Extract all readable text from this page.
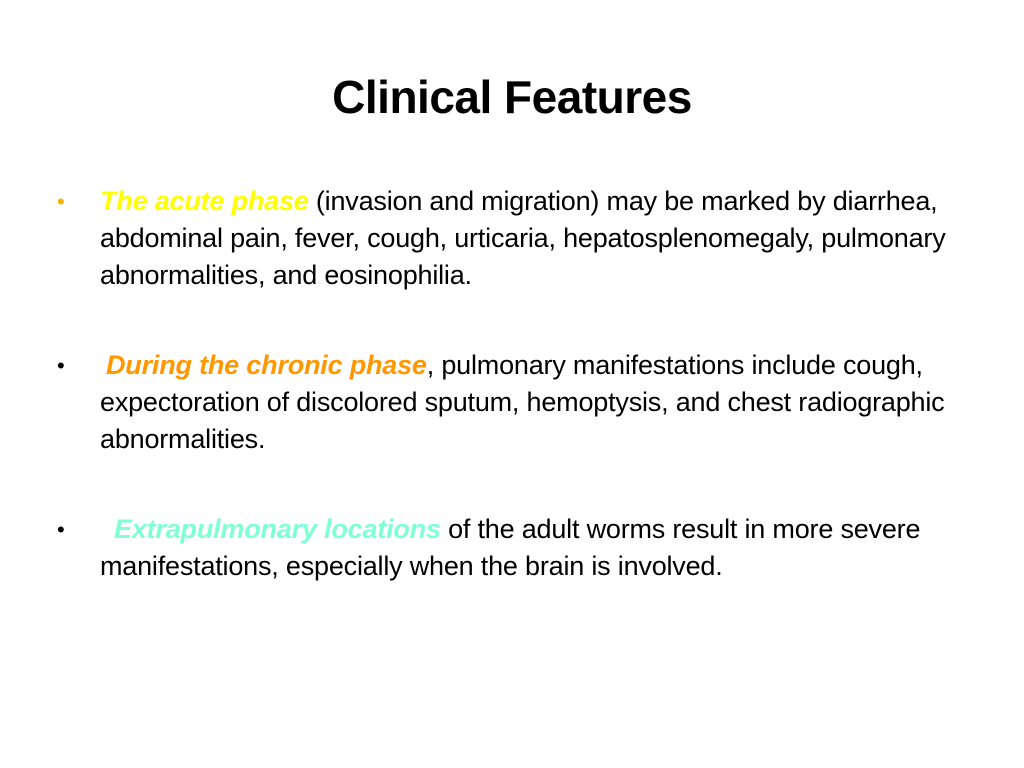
Clinical Features
•	The acute phase (invasion and migration) may be marked by diarrhea, abdominal pain, fever, cough, urticaria, hepatosplenomegaly, pulmonary abnormalities, and eosinophilia.
•	During the chronic phase, pulmonary manifestations include cough, expectoration of discolored sputum, hemoptysis, and chest radiographic abnormalities.
•	Extrapulmonary locations of the adult worms result in more severe manifestations, especially when the brain is involved.
